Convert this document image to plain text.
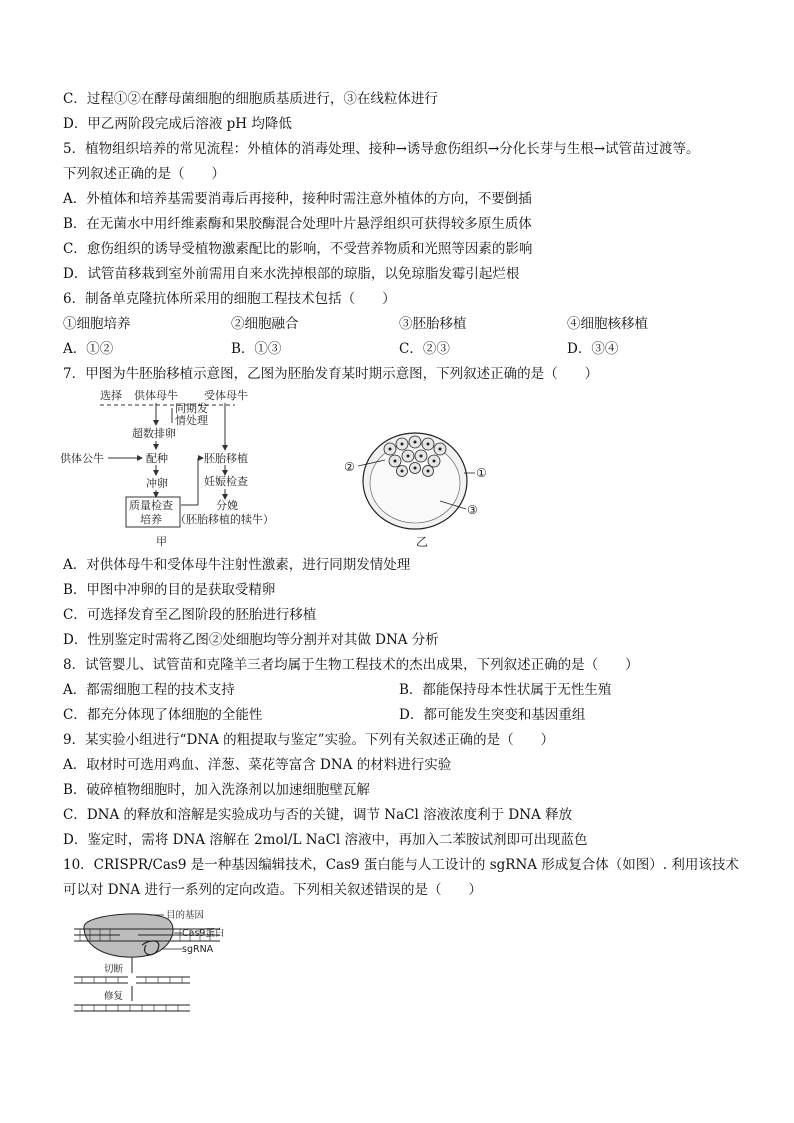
C．过程①②在酵母菌细胞的细胞质基质进行，③在线粒体进行
D．甲乙两阶段完成后溶液 pH 均降低
5．植物组织培养的常见流程：外植体的消毒处理、接种→诱导愈伤组织→分化长芽与生根→试管苗过渡等。
下列叙述正确的是（　　）
A．外植体和培养基需要消毒后再接种，接种时需注意外植体的方向，不要倒插
B．在无菌水中用纤维素酶和果胶酶混合处理叶片悬浮组织可获得较多原生质体
C．愈伤组织的诱导受植物激素配比的影响，不受营养物质和光照等因素的影响
D．试管苗移栽到室外前需用自来水洗掉根部的琼脂，以免琼脂发霉引起烂根
6．制备单克隆抗体所采用的细胞工程技术包括（　　）
①细胞培养	②细胞融合	③胚胎移植	④细胞核移植
A．①②	B．①③	C．②③	D．③④
7．甲图为牛胚胎移植示意图，乙图为胚胎发育某时期示意图，下列叙述正确的是（　　）
选择 供体母牛 受体母牛
同期发
情处理
超数排卵
供体公牛	配种	胚胎移植
冲卵	妊娠检查
质量检查
培养
分娩
（胚胎移植的犊牛）
甲
②	①
③
乙
A．对供体母牛和受体母牛注射性激素，进行同期发情处理
B．甲图中冲卵的目的是获取受精卵
C．可选择发育至乙图阶段的胚胎进行移植
D．性别鉴定时需将乙图②处细胞均等分割并对其做 DNA 分析
8．试管婴儿、试管苗和克隆羊三者均属于生物工程技术的杰出成果，下列叙述正确的是（　　）
A．都需细胞工程的技术支持	B．都能保持母本性状属于无性生殖
C．都充分体现了体细胞的全能性	D．都可能发生突变和基因重组
9．某实验小组进行“DNA 的粗提取与鉴定”实验。下列有关叙述正确的是（　　）
A．取材时可选用鸡血、洋葱、菜花等富含 DNA 的材料进行实验
B．破碎植物细胞时，加入洗涤剂以加速细胞壁瓦解
C．DNA 的释放和溶解是实验成功与否的关键，调节 NaCl 溶液浓度利于 DNA 释放
D．鉴定时，需将 DNA 溶解在 2mol/L NaCl 溶液中，再加入二苯胺试剂即可出现蓝色
10．CRISPR/Cas9 是一种基因编辑技术，Cas9 蛋白能与人工设计的 sgRNA 形成复合体（如图）. 利用该技术
可以对 DNA 进行一系列的定向改造。下列相关叙述错误的是（　　）
目的基因
Cas9蛋白
sgRNA
切断
修复
